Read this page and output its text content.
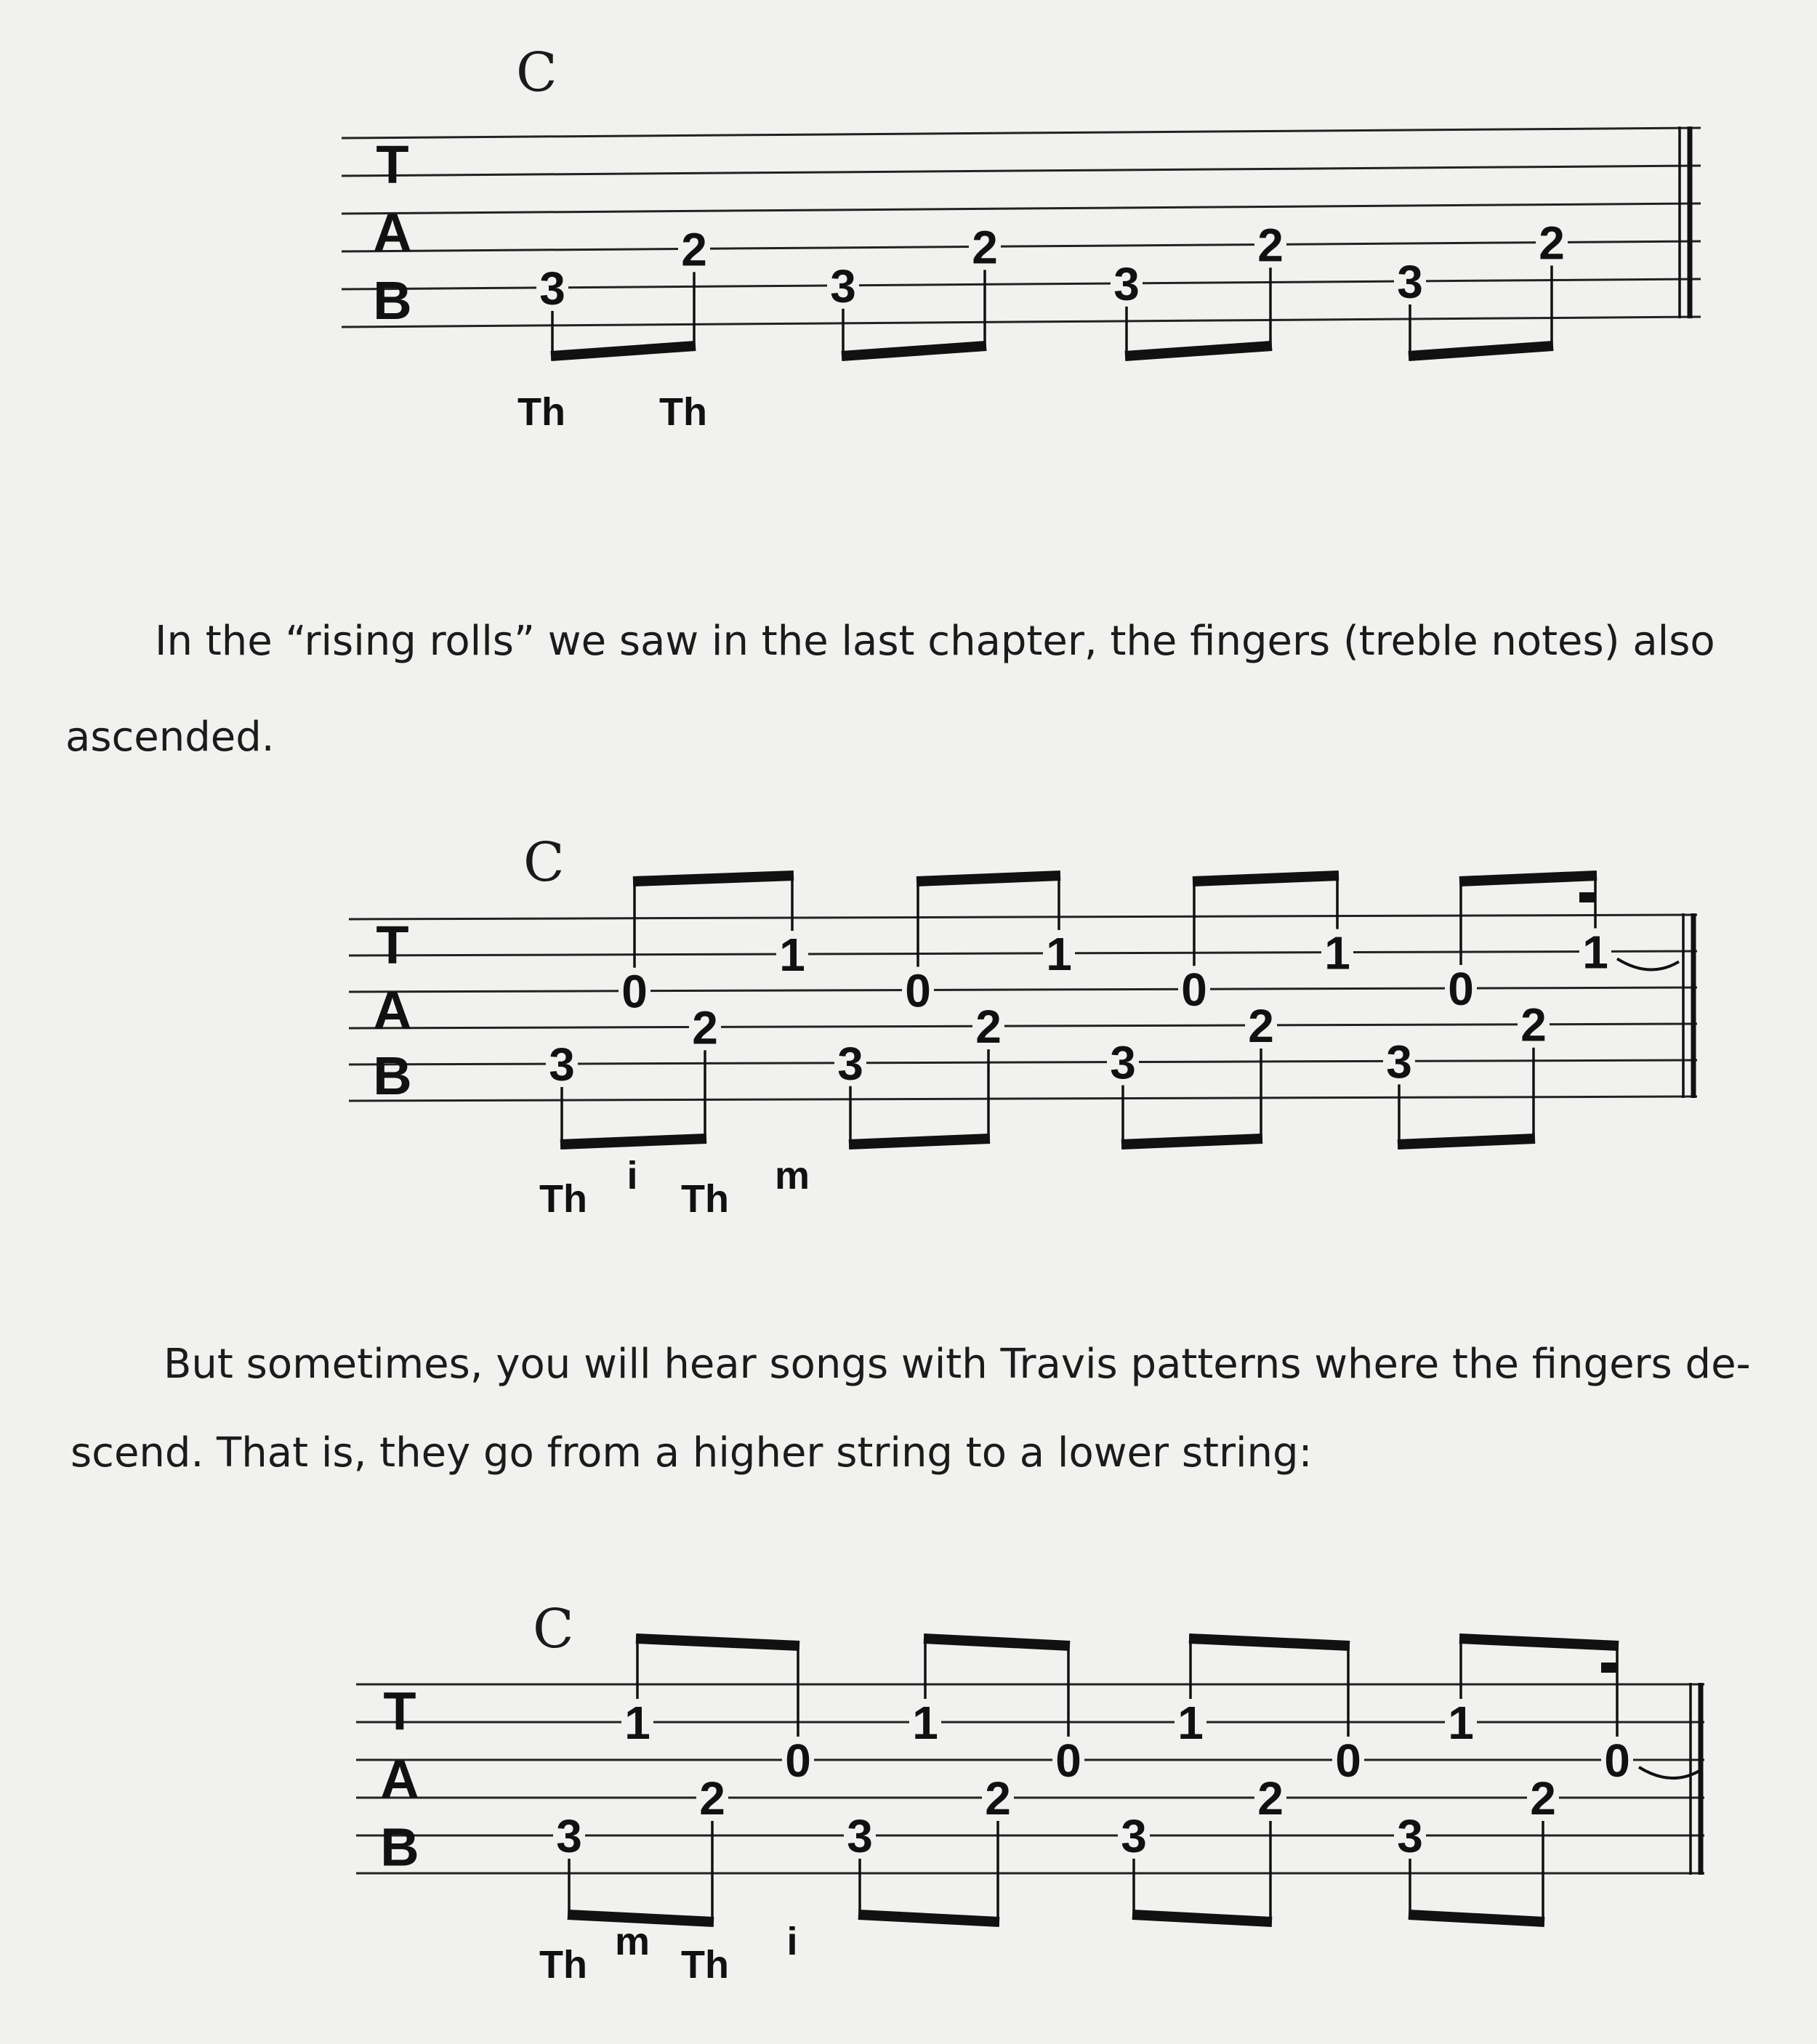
C
T
A
B	3
2
3
2
3
2
3
2
Th Th

In the “rising rolls” we saw in the last chapter, the fingers (treble notes) also

ascended.

C
T
A
B	3
0
2
1
3
0
2
1
3
0
2
1
3
0
2
1
Th
i
Th
m

But sometimes, you will hear songs with Travis patterns where the fingers de-

scend. That is, they go from a higher string to a lower string:

C
T
A
B	3
1
2
0
3
1
2
0
3
1
2
0
3
1
2
0
Th
m
Th
i
